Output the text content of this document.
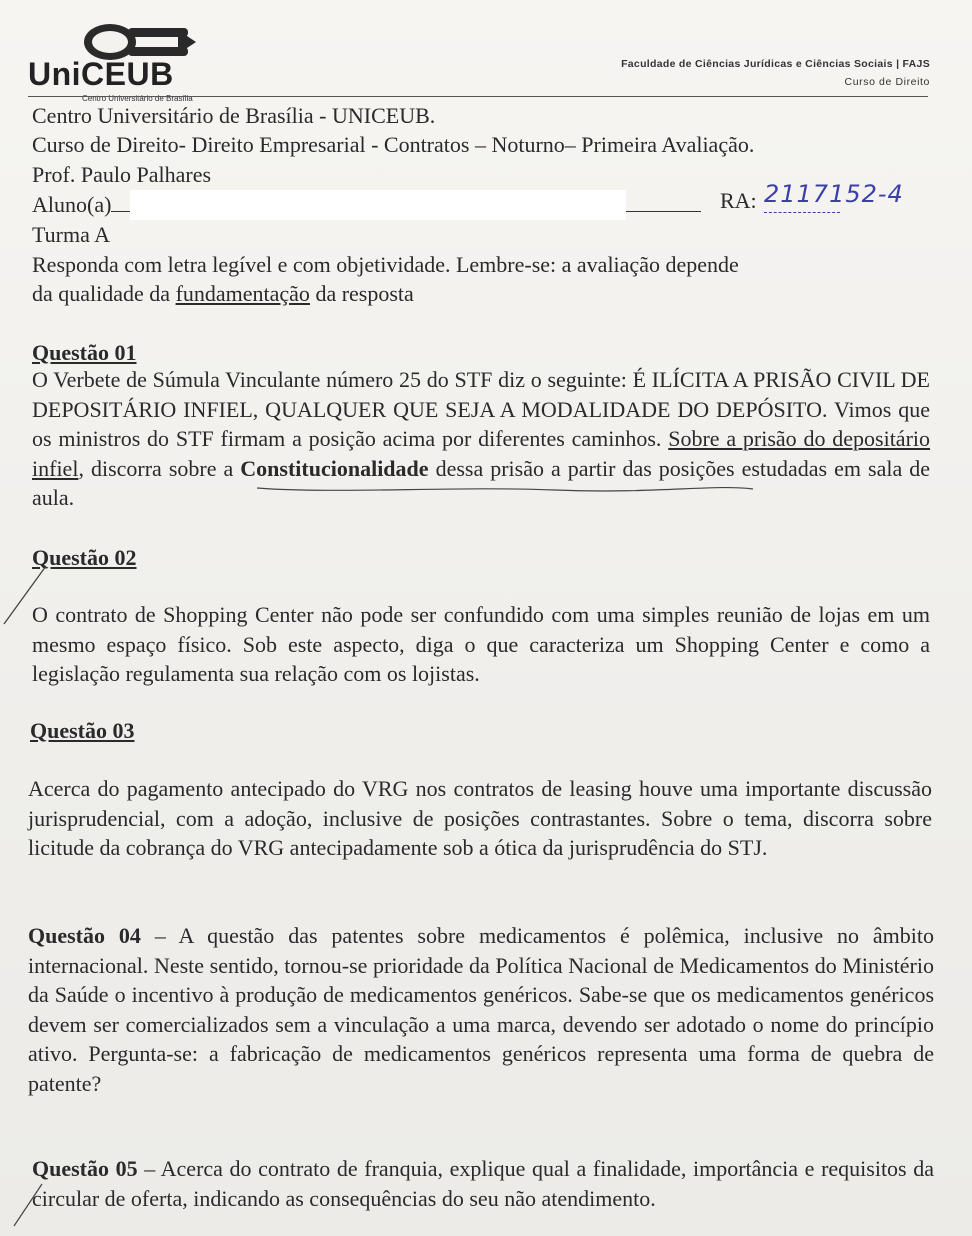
UniCEUB
Centro Universitário de Brasília
Faculdade de Ciências Jurídicas e Ciências Sociais | FAJS
Curso de Direito
Centro Universitário de Brasília - UNICEUB.
Curso de Direito- Direito Empresarial - Contratos – Noturno– Primeira Avaliação.
Prof. Paulo Palhares
Aluno(a)	RA: 2117152-4
Turma A
Responda com letra legível e com objetividade. Lembre-se: a avaliação depende
da qualidade da fundamentação da resposta
Questão 01
O Verbete de Súmula Vinculante número 25 do STF diz o seguinte: É ILÍCITA A PRISÃO CIVIL DE DEPOSITÁRIO INFIEL, QUALQUER QUE SEJA A MODALIDADE DO DEPÓSITO. Vimos que os ministros do STF firmam a posição acima por diferentes caminhos. Sobre a prisão do depositário infiel, discorra sobre a Constitucionalidade dessa prisão a partir das posições estudadas em sala de aula.
Questão 02
O contrato de Shopping Center não pode ser confundido com uma simples reunião de lojas em um mesmo espaço físico. Sob este aspecto, diga o que caracteriza um Shopping Center e como a legislação regulamenta sua relação com os lojistas.
Questão 03
Acerca do pagamento antecipado do VRG nos contratos de leasing houve uma importante discussão jurisprudencial, com a adoção, inclusive de posições contrastantes. Sobre o tema, discorra sobre licitude da cobrança do VRG antecipadamente sob a ótica da jurisprudência do STJ.
Questão 04 – A questão das patentes sobre medicamentos é polêmica, inclusive no âmbito internacional. Neste sentido, tornou-se prioridade da Política Nacional de Medicamentos do Ministério da Saúde o incentivo à produção de medicamentos genéricos. Sabe-se que os medicamentos genéricos devem ser comercializados sem a vinculação a uma marca, devendo ser adotado o nome do princípio ativo. Pergunta-se: a fabricação de medicamentos genéricos representa uma forma de quebra de patente?
Questão 05 – Acerca do contrato de franquia, explique qual a finalidade, importância e requisitos da circular de oferta, indicando as consequências do seu não atendimento.
